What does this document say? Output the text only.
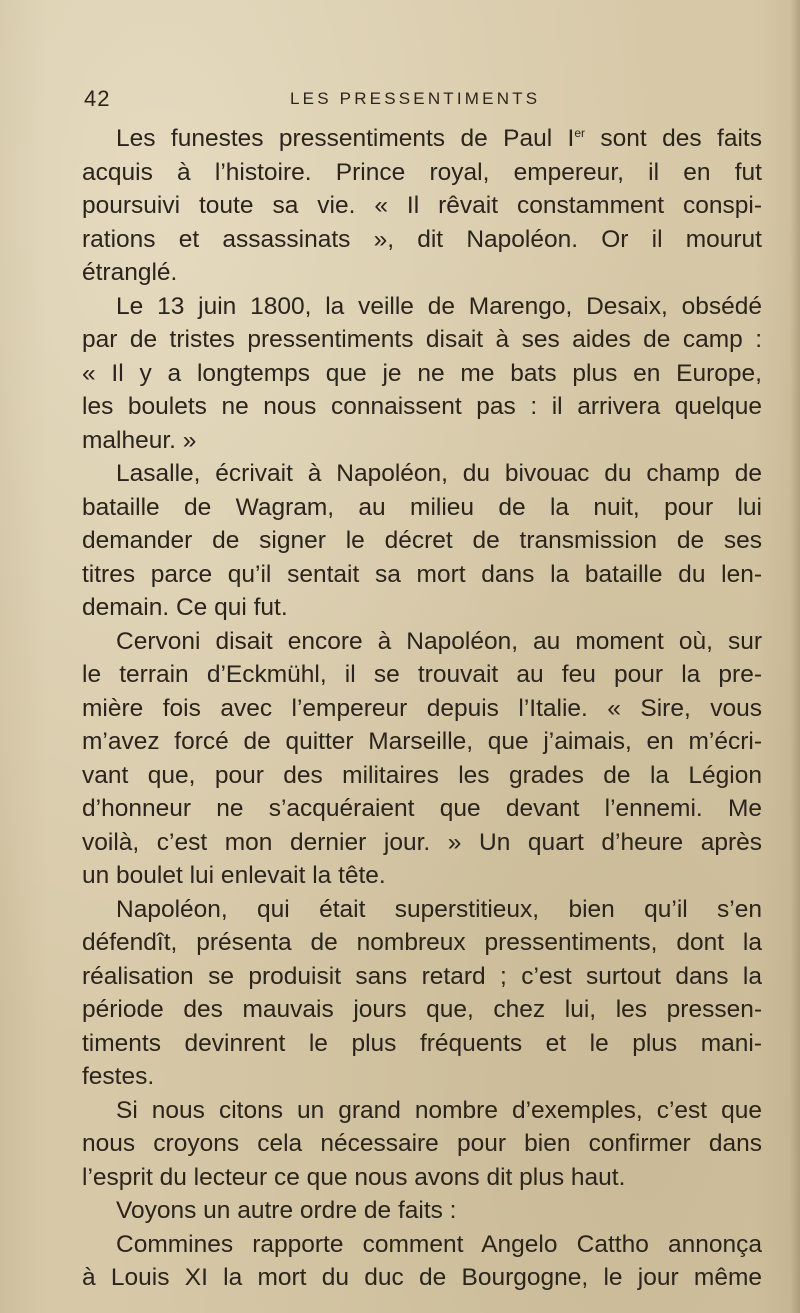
42	LES PRESSENTIMENTS
Les funestes pressentiments de Paul Ier sont des faits
acquis à l’histoire. Prince royal, empereur, il en fut
poursuivi toute sa vie. « Il rêvait constamment conspi-
rations et assassinats », dit Napoléon. Or il mourut
étranglé.
Le 13 juin 1800, la veille de Marengo, Desaix, obsédé
par de tristes pressentiments disait à ses aides de camp :
« Il y a longtemps que je ne me bats plus en Europe,
les boulets ne nous connaissent pas : il arrivera quelque
malheur. »
Lasalle, écrivait à Napoléon, du bivouac du champ de
bataille de Wagram, au milieu de la nuit, pour lui
demander de signer le décret de transmission de ses
titres parce qu’il sentait sa mort dans la bataille du len-
demain. Ce qui fut.
Cervoni disait encore à Napoléon, au moment où, sur
le terrain d’Eckmühl, il se trouvait au feu pour la pre-
mière fois avec l’empereur depuis l’Italie. « Sire, vous
m’avez forcé de quitter Marseille, que j’aimais, en m’écri-
vant que, pour des militaires les grades de la Légion
d’honneur ne s’acquéraient que devant l’ennemi. Me
voilà, c’est mon dernier jour. » Un quart d’heure après
un boulet lui enlevait la tête.
Napoléon, qui était superstitieux, bien qu’il s’en
défendît, présenta de nombreux pressentiments, dont la
réalisation se produisit sans retard ; c’est surtout dans la
période des mauvais jours que, chez lui, les pressen-
timents devinrent le plus fréquents et le plus mani-
festes.
Si nous citons un grand nombre d’exemples, c’est que
nous croyons cela nécessaire pour bien confirmer dans
l’esprit du lecteur ce que nous avons dit plus haut.
Voyons un autre ordre de faits :
Commines rapporte comment Angelo Cattho annonça
à Louis XI la mort du duc de Bourgogne, le jour même
